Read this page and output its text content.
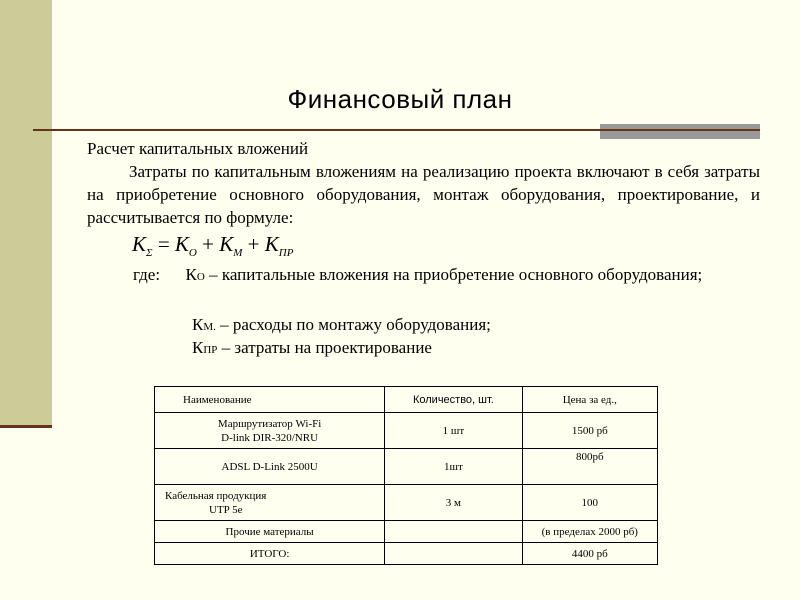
Финансовый план
Расчет капитальных вложений
Затраты по капитальным вложениям на реализацию проекта включают в себя затраты на приобретение основного оборудования, монтаж оборудования, проектирование, и рассчитывается по формуле:
$K_\Sigma = K_O + K_M + K_{ПР}$
где: КО – капитальные вложения на приобретение основного оборудования;
КМ. – расходы по монтажу оборудования;
КПР – затраты на проектирование
Наименование	Количество, шт.	Цена за ед.,
Маршрутизатор Wi-Fi
D-link DIR-320/NRU	1 шт	1500 рб
ADSL D-Link 2500U	1шт	800рб
Кабельная продукция
UTP 5e	3 м	100
Прочие материалы		(в пределах 2000 рб)
ИТОГО:		4400 рб
